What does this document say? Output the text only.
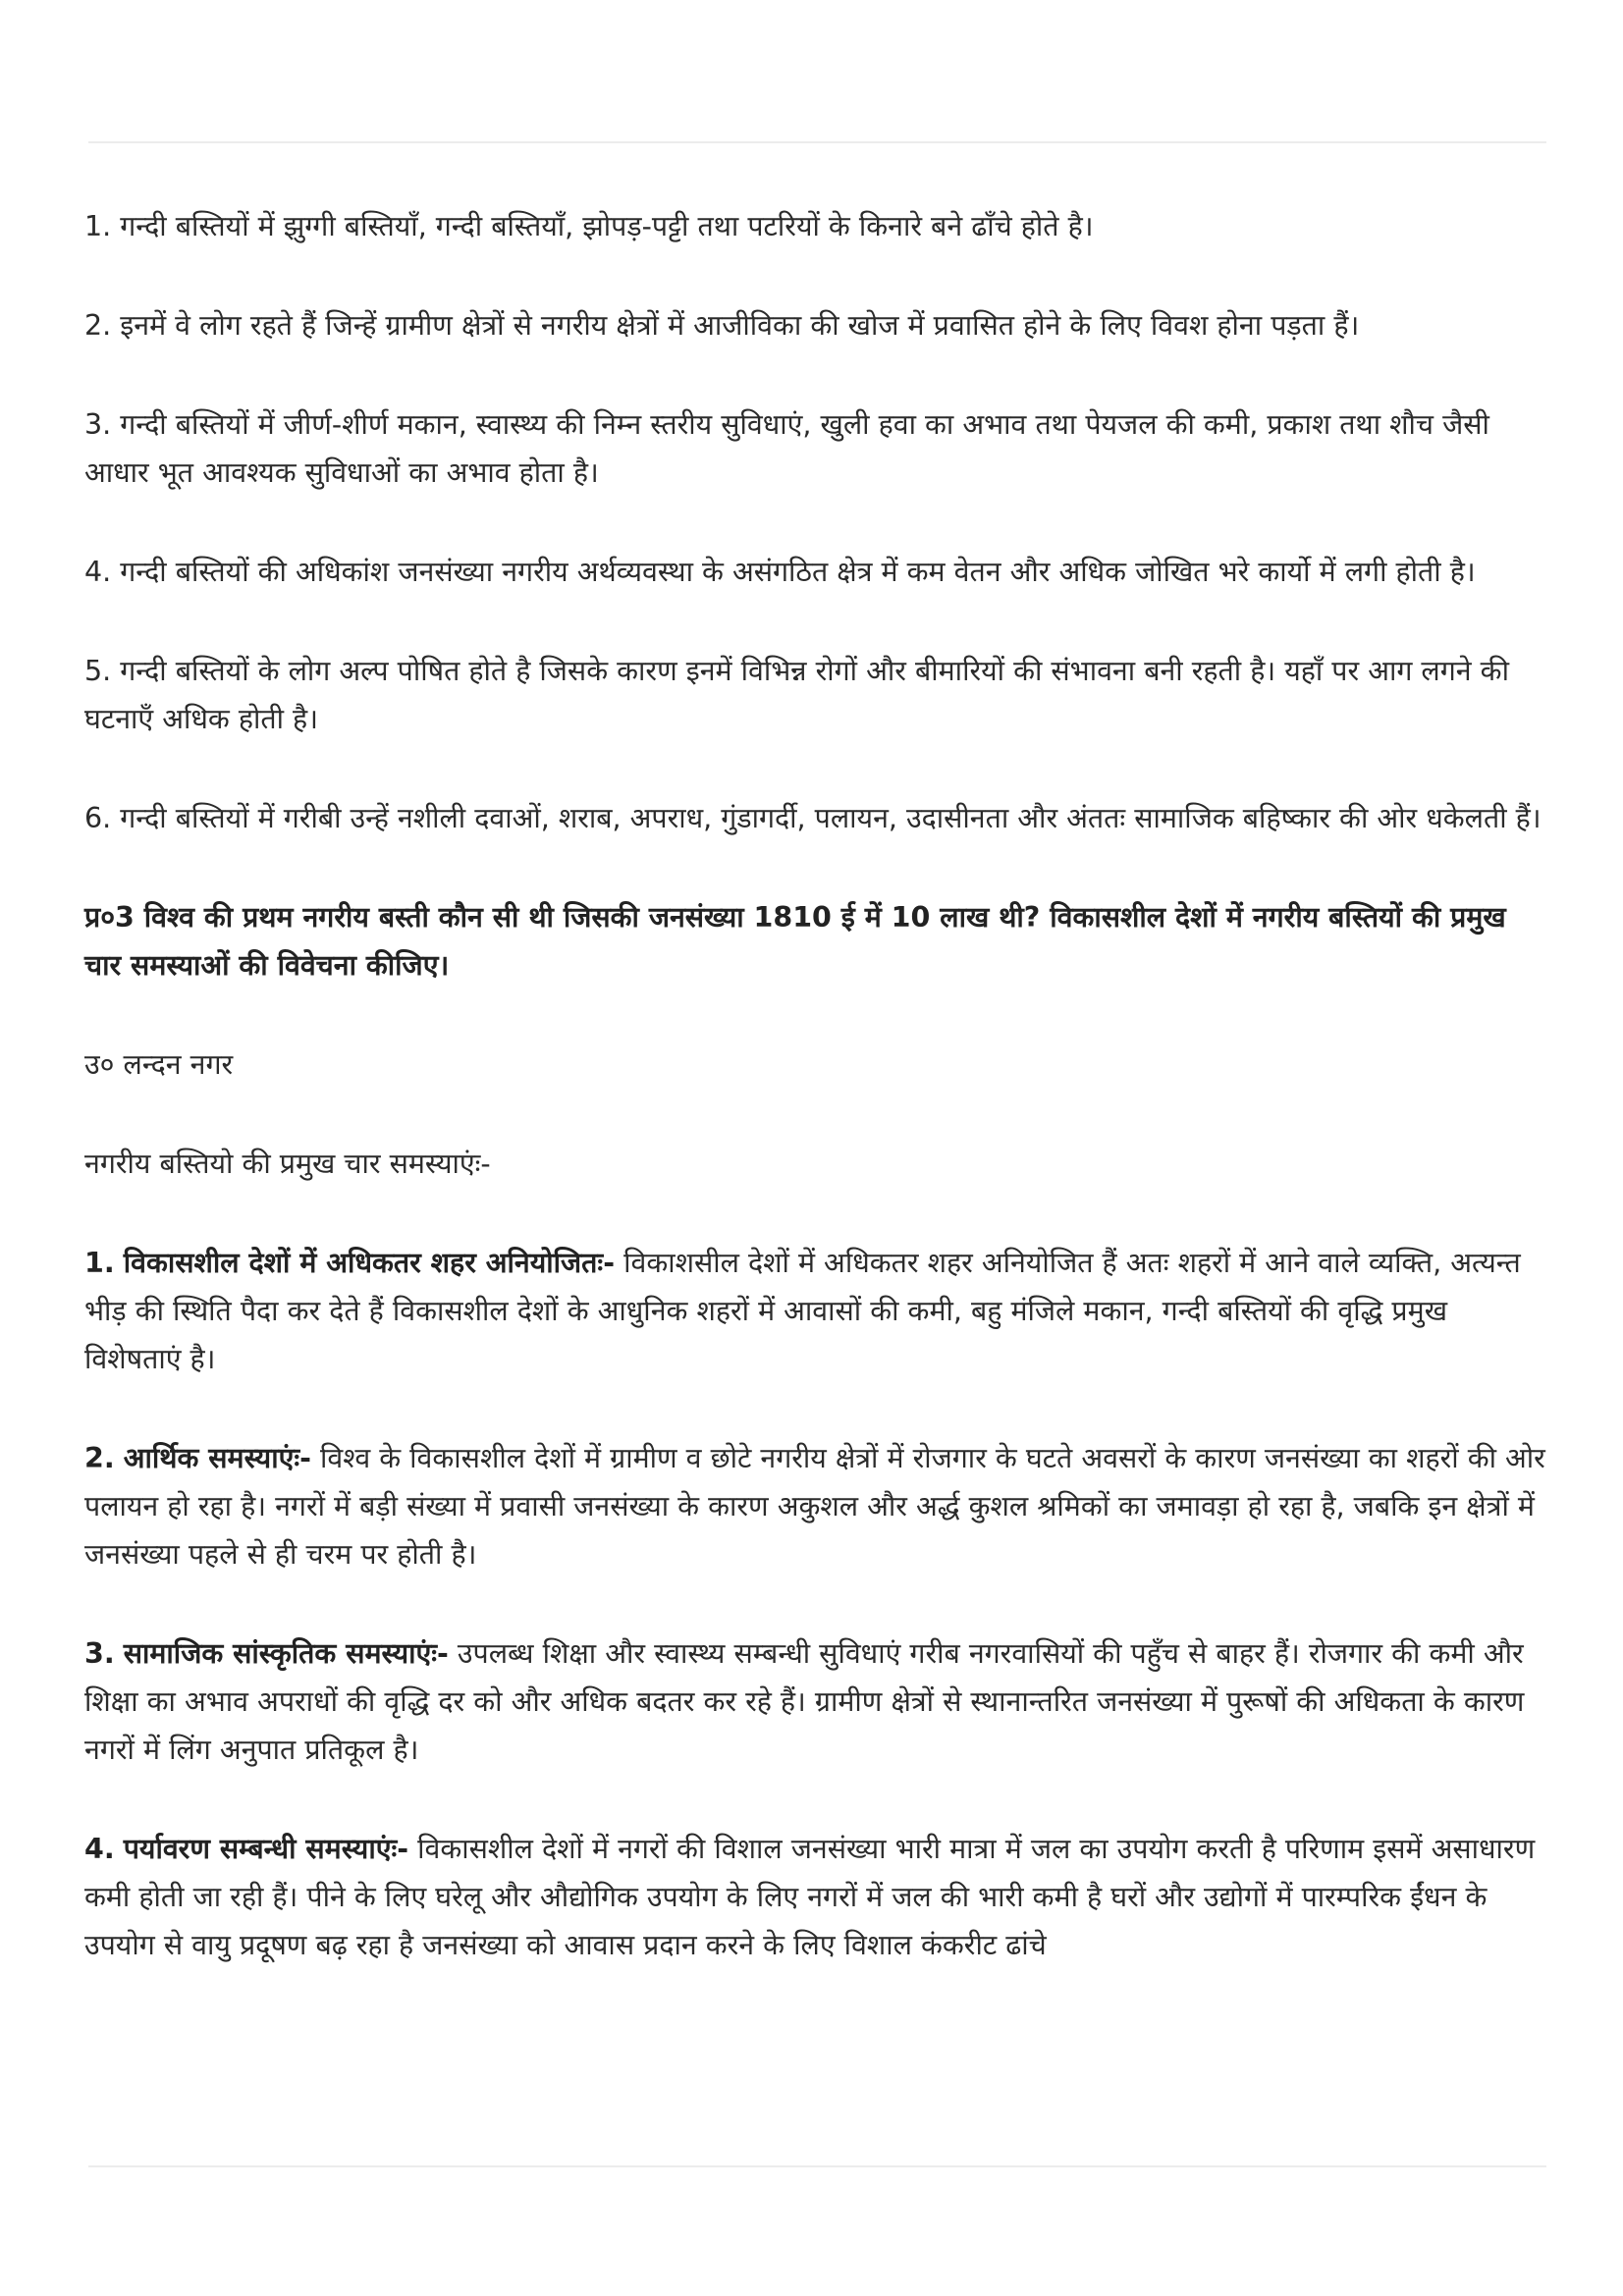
1. गन्दी बस्तियों में झुग्गी बस्तियाँ, गन्दी बस्तियाँ, झोपड़-पट्टी तथा पटरियों के किनारे बने ढाँचे होते है।

2. इनमें वे लोग रहते हैं जिन्हें ग्रामीण क्षेत्रों से नगरीय क्षेत्रों में आजीविका की खोज में प्रवासित होने के लिए विवश होना पड़ता हैं।

3. गन्दी बस्तियों में जीर्ण-शीर्ण मकान, स्वास्थ्य की निम्न स्तरीय सुविधाएं, खुली हवा का अभाव तथा पेयजल की कमी, प्रकाश तथा शौच जैसी आधार भूत आवश्यक सुविधाओं का अभाव होता है।

4. गन्दी बस्तियों की अधिकांश जनसंख्या नगरीय अर्थव्यवस्था के असंगठित क्षेत्र में कम वेतन और अधिक जोखित भरे कार्यो में लगी होती है।

5. गन्दी बस्तियों के लोग अल्प पोषित होते है जिसके कारण इनमें विभिन्न रोगों और बीमारियों की संभावना बनी रहती है। यहाँ पर आग लगने की घटनाएँ अधिक होती है।

6. गन्दी बस्तियों में गरीबी उन्हें नशीली दवाओं, शराब, अपराध, गुंडागर्दी, पलायन, उदासीनता और अंततः सामाजिक बहिष्कार की ओर धकेलती हैं।

प्र०3 विश्व की प्रथम नगरीय बस्ती कौन सी थी जिसकी जनसंख्या 1810 ई में 10 लाख थी? विकासशील देशों में नगरीय बस्तियों की प्रमुख चार समस्याओं की विवेचना कीजिए।

उ० लन्दन नगर

नगरीय बस्तियो की प्रमुख चार समस्याएंः-

1. विकासशील देशों में अधिकतर शहर अनियोजितः- विकाशसील देशों में अधिकतर शहर अनियोजित हैं अतः शहरों में आने वाले व्यक्ति, अत्यन्त भीड़ की स्थिति पैदा कर देते हैं विकासशील देशों के आधुनिक शहरों में आवासों की कमी, बहु मंजिले मकान, गन्दी बस्तियों की वृद्धि प्रमुख विशेषताएं है।

2. आर्थिक समस्याएंः- विश्व के विकासशील देशों में ग्रामीण व छोटे नगरीय क्षेत्रों में रोजगार के घटते अवसरों के कारण जनसंख्या का शहरों की ओर पलायन हो रहा है। नगरों में बड़ी संख्या में प्रवासी जनसंख्या के कारण अकुशल और अर्द्ध कुशल श्रमिकों का जमावड़ा हो रहा है, जबकि इन क्षेत्रों में जनसंख्या पहले से ही चरम पर होती है।

3. सामाजिक सांस्कृतिक समस्याएंः- उपलब्ध शिक्षा और स्वास्थ्य सम्बन्धी सुविधाएं गरीब नगरवासियों की पहुँच से बाहर हैं। रोजगार की कमी और शिक्षा का अभाव अपराधों की वृद्धि दर को और अधिक बदतर कर रहे हैं। ग्रामीण क्षेत्रों से स्थानान्तरित जनसंख्या में पुरूषों की अधिकता के कारण नगरों में लिंग अनुपात प्रतिकूल है।

4. पर्यावरण सम्बन्धी समस्याएंः- विकासशील देशों में नगरों की विशाल जनसंख्या भारी मात्रा में जल का उपयोग करती है परिणाम इसमें असाधारण कमी होती जा रही हैं। पीने के लिए घरेलू और औद्योगिक उपयोग के लिए नगरों में जल की भारी कमी है घरों और उद्योगों में पारम्परिक ईंधन के उपयोग से वायु प्रदूषण बढ़ रहा है जनसंख्या को आवास प्रदान करने के लिए विशाल कंकरीट ढांचे
